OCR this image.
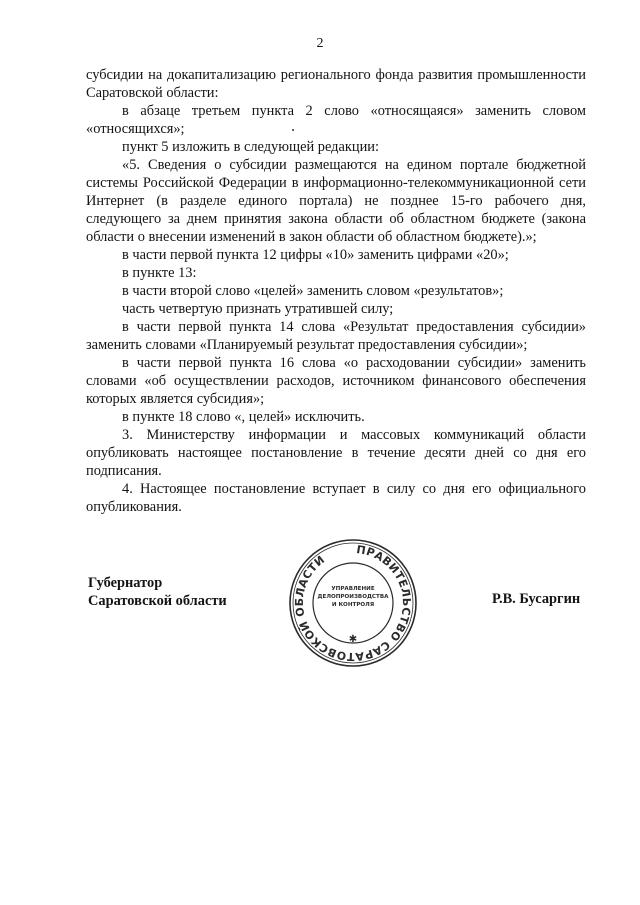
2

субсидии на докапитализацию регионального фонда развития промышленности Саратовской области:

в абзаце третьем пункта 2 слово «относящаяся» заменить словом «относящихся»;

пункт 5 изложить в следующей редакции:

«5. Сведения о субсидии размещаются на едином портале бюджетной системы Российской Федерации в информационно-телекоммуникационной сети Интернет (в разделе единого портала) не позднее 15-го рабочего дня, следующего за днем принятия закона области об областном бюджете (закона области о внесении изменений в закон области об областном бюджете).»;

в части первой пункта 12 цифры «10» заменить цифрами «20»;

в пункте 13:

в части второй слово «целей» заменить словом «результатов»;

часть четвертую признать утратившей силу;

в части первой пункта 14 слова «Результат предоставления субсидии» заменить словами «Планируемый результат предоставления субсидии»;

в части первой пункта 16 слова «о расходовании субсидии» заменить словами «об осуществлении расходов, источником финансового обеспечения которых является субсидия»;

в пункте 18 слово «, целей» исключить.

3. Министерству информации и массовых коммуникаций области опубликовать настоящее постановление в течение десяти дней со дня его подписания.

4. Настоящее постановление вступает в силу со дня его официального опубликования.

Губернатор
Саратовской области
ПРАВИТЕЛЬСТВО САРАТОВСКОЙ ОБЛАСТИ
✱
УПРАВЛЕНИЕ
ДЕЛОПРОИЗВОДСТВА
И КОНТРОЛЯ	Р.В. Бусаргин
